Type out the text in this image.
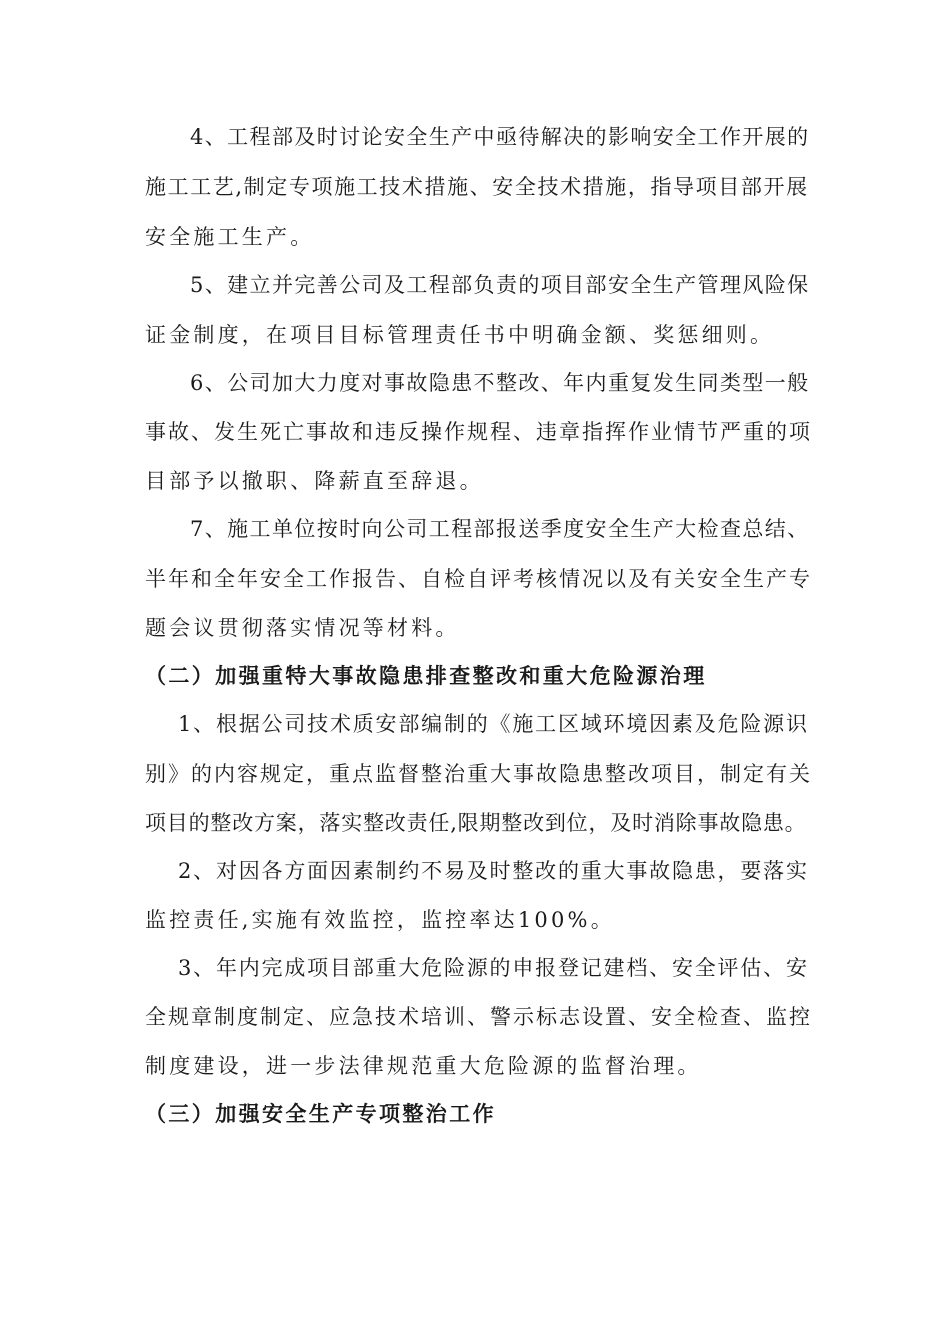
4、工程部及时讨论安全生产中亟待解决的影响安全工作开展的
施工工艺,制定专项施工技术措施、安全技术措施，指导项目部开展
安全施工生产。
5、建立并完善公司及工程部负责的项目部安全生产管理风险保
证金制度，在项目目标管理责任书中明确金额、奖惩细则。
6、公司加大力度对事故隐患不整改、年内重复发生同类型一般
事故、发生死亡事故和违反操作规程、违章指挥作业情节严重的项
目部予以撤职、降薪直至辞退。
7、施工单位按时向公司工程部报送季度安全生产大检查总结、
半年和全年安全工作报告、自检自评考核情况以及有关安全生产专
题会议贯彻落实情况等材料。
（二）加强重特大事故隐患排查整改和重大危险源治理
1、根据公司技术质安部编制的《施工区域环境因素及危险源识
别》的内容规定，重点监督整治重大事故隐患整改项目，制定有关
项目的整改方案，落实整改责任,限期整改到位，及时消除事故隐患。
2、对因各方面因素制约不易及时整改的重大事故隐患，要落实
监控责任,实施有效监控，监控率达100%。
3、年内完成项目部重大危险源的申报登记建档、安全评估、安
全规章制度制定、应急技术培训、警示标志设置、安全检查、监控
制度建设，进一步法律规范重大危险源的监督治理。
（三）加强安全生产专项整治工作
